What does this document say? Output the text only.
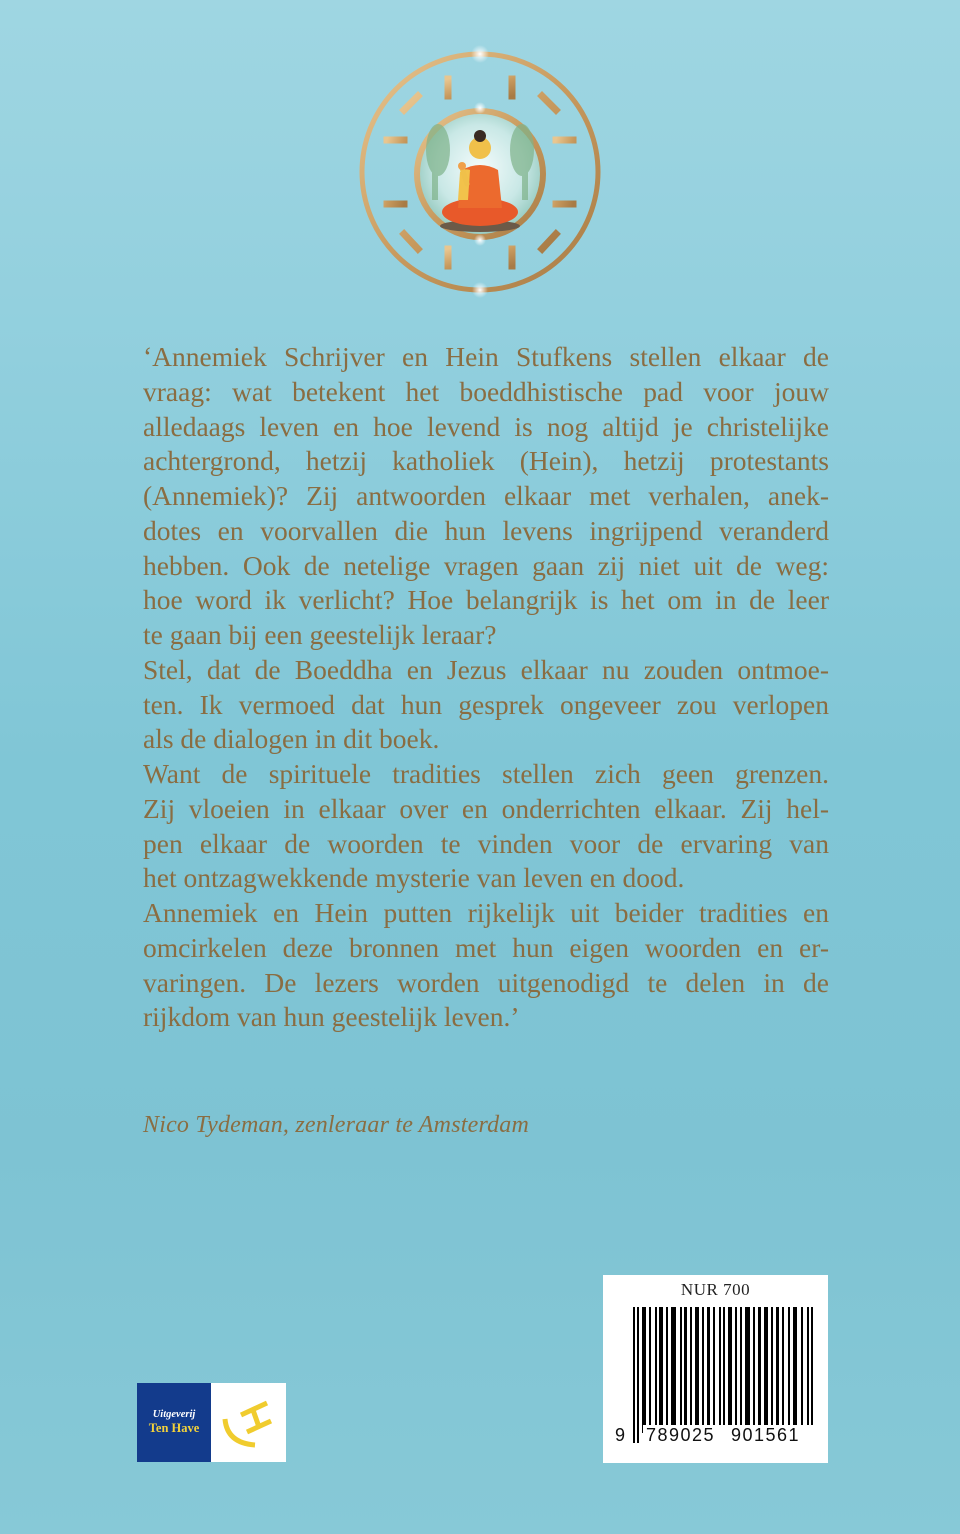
‘Annemiek Schrijver en Hein Stufkens stellen elkaar de
vraag: wat betekent het boeddhistische pad voor jouw
alledaags leven en hoe levend is nog altijd je christelijke
achtergrond, hetzij katholiek (Hein), hetzij protestants
(Annemiek)? Zij antwoorden elkaar met verhalen, anek-
dotes en voorvallen die hun levens ingrijpend veranderd
hebben. Ook de netelige vragen gaan zij niet uit de weg:
hoe word ik verlicht? Hoe belangrijk is het om in de leer
te gaan bij een geestelijk leraar?
Stel, dat de Boeddha en Jezus elkaar nu zouden ontmoe-
ten. Ik vermoed dat hun gesprek ongeveer zou verlopen
als de dialogen in dit boek.
Want de spirituele tradities stellen zich geen grenzen.
Zij vloeien in elkaar over en onderrichten elkaar. Zij hel-
pen elkaar de woorden te vinden voor de ervaring van
het ontzagwekkende mysterie van leven en dood.
Annemiek en Hein putten rijkelijk uit beider tradities en
omcirkelen deze bronnen met hun eigen woorden en er-
varingen. De lezers worden uitgenodigd te delen in de
rijkdom van hun geestelijk leven.’
Nico Tydeman, zenleraar te Amsterdam
NUR 700
9	789025 901561
Uitgeverij
Ten Have
